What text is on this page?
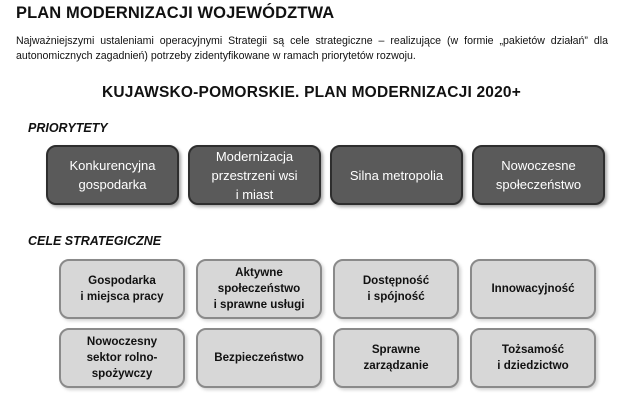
PLAN MODERNIZACJI WOJEWÓDZTWA
Najważniejszymi ustaleniami operacyjnymi Strategii są cele strategiczne – realizujące (w formie „pakietów działań” dla autonomicznych zagadnień) potrzeby zidentyfikowane w ramach priorytetów rozwoju.
KUJAWSKO-POMORSKIE. PLAN MODERNIZACJI 2020+
PRIORYTETY
Konkurencyjna
gospodarka
Modernizacja
przestrzeni wsi
i miast
Silna metropolia
Nowoczesne
społeczeństwo
CELE STRATEGICZNE
Gospodarka
i miejsca pracy
Aktywne
społeczeństwo
i sprawne usługi
Dostępność
i spójność
Innowacyjność
Nowoczesny
sektor rolno-
spożywczy
Bezpieczeństwo
Sprawne
zarządzanie
Tożsamość
i dziedzictwo
